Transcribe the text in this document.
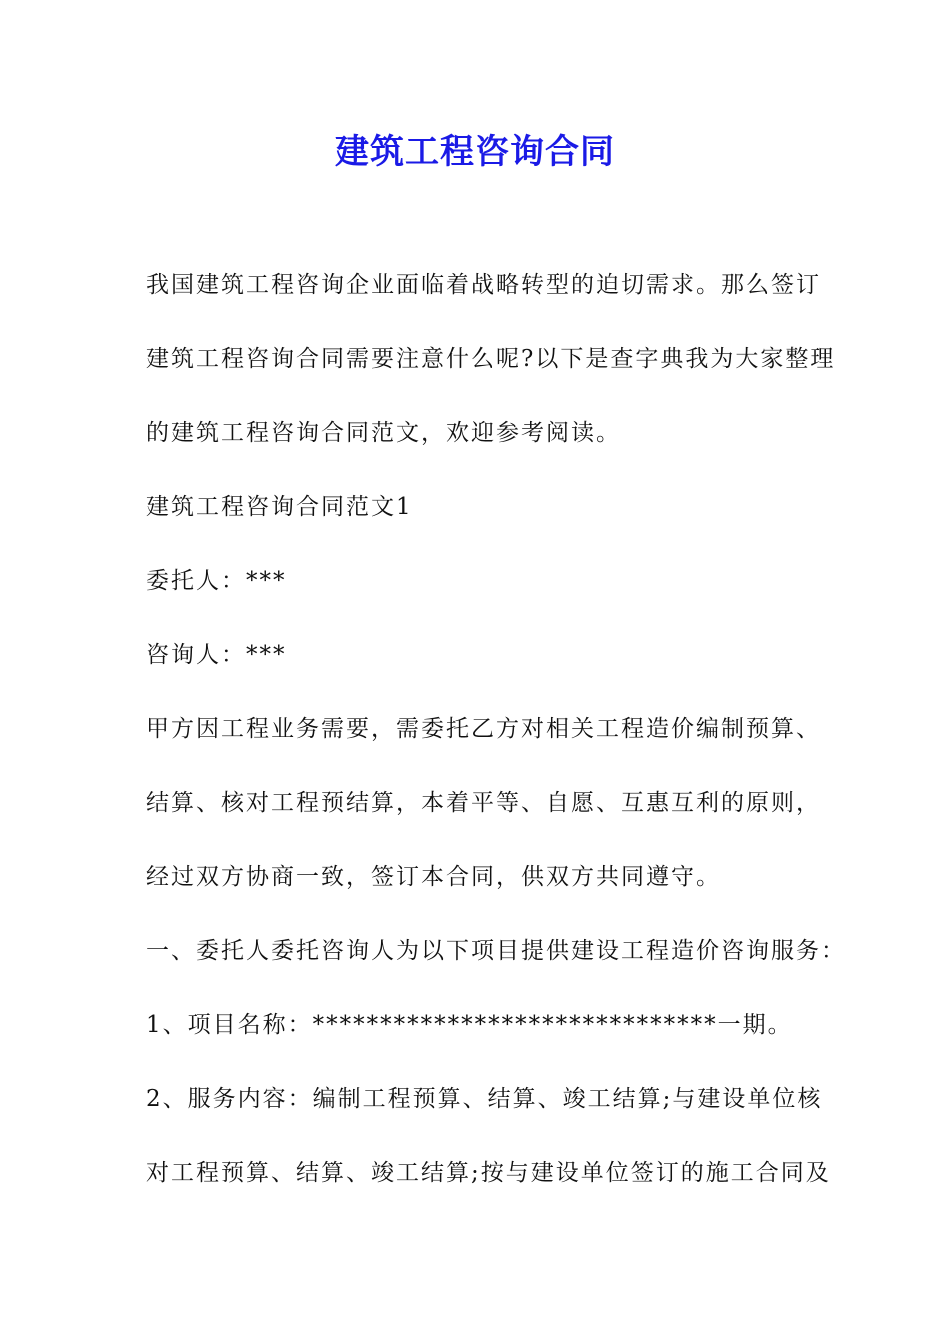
建筑工程咨询合同
我国建筑工程咨询企业面临着战略转型的迫切需求。那么签订
建筑工程咨询合同需要注意什么呢?以下是查字典我为大家整理
的建筑工程咨询合同范文，欢迎参考阅读。
建筑工程咨询合同范文1
委托人：***
咨询人：***
甲方因工程业务需要，需委托乙方对相关工程造价编制预算、
结算、核对工程预结算，本着平等、自愿、互惠互利的原则，
经过双方协商一致，签订本合同，供双方共同遵守。
一、委托人委托咨询人为以下项目提供建设工程造价咨询服务：
1、项目名称：******************************一期。
2、服务内容：编制工程预算、结算、竣工结算;与建设单位核
对工程预算、结算、竣工结算;按与建设单位签订的施工合同及
